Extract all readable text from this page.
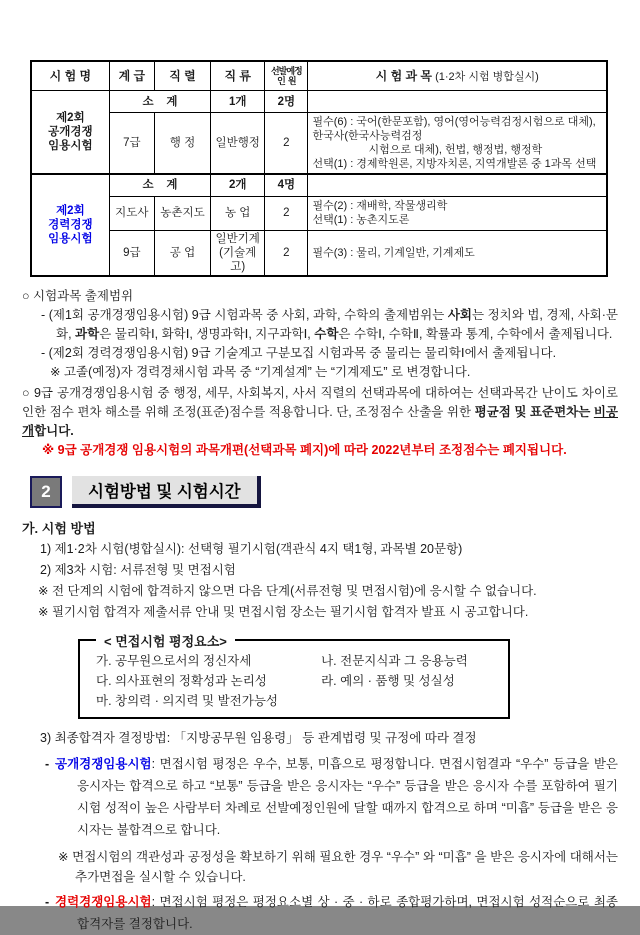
시 험 명	계 급	직 렬	직 류	선발예정
인  원	시 험 과 목 (1·2차 시험 병합실시)

제2회
공개경쟁
임용시험	소    계		1개	2명	
	7급	행 정	일반행정	2	필수(6) : 국어(한문포함), 영어(영어능력검정시험으로 대체), 한국사(한국사능력검정
시험으로 대체), 헌법, 행정법, 행정학
선택(1) : 경제학원론, 지방자치론, 지역개발론 중 1과목 선택

제2회
경력경쟁
임용시험	소    계		2개	4명	
	지도사	농촌지도	농 업	2	필수(2) : 재배학, 작물생리학
선택(1) : 농촌지도론

	9급	공 업	일반기계
(기술계고)	2	필수(3) : 물리, 기계일반, 기계제도
○ 시험과목 출제범위
- (제1회 공개경쟁임용시험) 9급 시험과목 중 사회, 과학, 수학의 출제범위는 사회는 정치와 법, 경제, 사회·문화, 과학은 물리학Ⅰ, 화학Ⅰ, 생명과학Ⅰ, 지구과학Ⅰ, 수학은 수학Ⅰ, 수학Ⅱ, 확률과 통계, 수학에서 출제됩니다.
- (제2회 경력경쟁임용시험) 9급 기술계고 구분모집 시험과목 중 물리는 물리학Ⅰ에서 출제됩니다.
※ 고졸(예정)자 경력경채시험 과목 중 “기계설계” 는 “기계제도” 로 변경합니다.
○ 9급 공개경쟁임용시험 중 행정, 세무, 사회복지, 사서 직렬의 선택과목에 대하여는 선택과목간 난이도 차이로 인한 점수 편차 해소를 위해 조정(표준)점수를 적용합니다. 단, 조정점수 산출을 위한 평균점 및 표준편차는 비공개합니다.
※ 9급 공개경쟁 임용시험의 과목개편(선택과목 폐지)에 따라 2022년부터 조정점수는 폐지됩니다.
2	시험방법 및 시험시간
가. 시험 방법
1) 제1·2차 시험(병합실시): 선택형 필기시험(객관식 4지 택1형, 과목별 20문항)
2) 제3차 시험: 서류전형 및 면접시험
※ 전 단계의 시험에 합격하지 않으면 다음 단계(서류전형 및 면접시험)에 응시할 수 없습니다.
※ 필기시험 합격자 제출서류 안내 및 면접시험 장소는 필기시험 합격자 발표 시 공고합니다.
< 면접시험 평정요소>
가. 공무원으로서의 정신자세	나. 전문지식과 그 응용능력
다. 의사표현의 정확성과 논리성	라. 예의 · 품행 및 성실성
마. 창의력 · 의지력 및 발전가능성
3) 최종합격자 결정방법: 「지방공무원 임용령」 등 관계법령 및 규정에 따라 결정
- 공개경쟁임용시험: 면접시험 평정은 우수, 보통, 미흡으로 평정합니다. 면접시험결과 “우수” 등급을 받은 응시자는 합격으로 하고 “보통” 등급을 받은 응시자는 “우수” 등급을 받은 응시자 수를 포함하여 필기시험 성적이 높은 사람부터 차례로 선발예정인원에 달할 때까지 합격으로 하며 “미흡” 등급을 받은 응시자는 불합격으로 합니다.
※ 면접시험의 객관성과 공정성을 확보하기 위해 필요한 경우 “우수” 와 “미흡” 을 받은 응시자에 대해서는 추가면접을 실시할 수 있습니다.
- 경력경쟁임용시험: 면접시험 평정은 평정요소별 상 · 중 · 하로 종합평가하며, 면접시험 성적순으로 최종합격자를 결정합니다.
